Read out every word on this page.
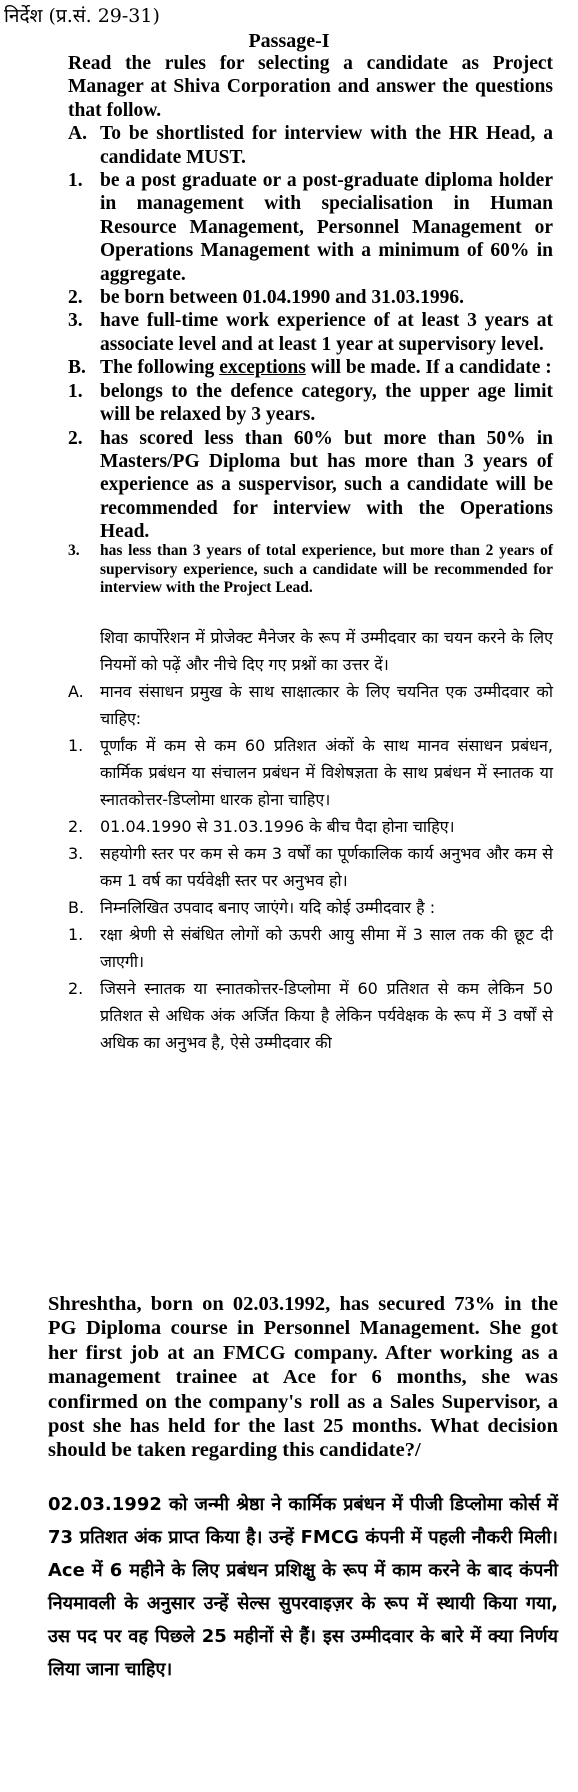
निर्देश (प्र.सं. 29-31)
Passage-I
Read the rules for selecting a candidate as Project Manager at Shiva Corporation and answer the questions that follow.
A. To be shortlisted for interview with the HR Head, a candidate MUST.
1. be a post graduate or a post-graduate diploma holder in management with specialisation in Human Resource Management, Personnel Management or Operations Management with a minimum of 60% in aggregate.
2. be born between 01.04.1990 and 31.03.1996.
3. have full-time work experience of at least 3 years at associate level and at least 1 year at supervisory level.
B. The following exceptions will be made. If a candidate :
1. belongs to the defence category, the upper age limit will be relaxed by 3 years.
2. has scored less than 60% but more than 50% in Masters/PG Diploma but has more than 3 years of experience as a suspervisor, such a candidate will be recommended for interview with the Operations Head.
3. has less than 3 years of total experience, but more than 2 years of supervisory experience, such a candidate will be recommended for interview with the Project Lead.
शिवा कार्पोरेशन में प्रोजेक्ट मैनेजर के रूप में उम्मीदवार का चयन करने के लिए नियमों को पढ़ें और नीचे दिए गए प्रश्नों का उत्तर दें।
A. मानव संसाधन प्रमुख के साथ साक्षात्कार के लिए चयनित एक उम्मीदवार को चाहिए:
1. पूर्णांक में कम से कम 60 प्रतिशत अंकों के साथ मानव संसाधन प्रबंधन, कार्मिक प्रबंधन या संचालन प्रबंधन में विशेषज्ञता के साथ प्रबंधन में स्नातक या स्नातकोत्तर-डिप्लोमा धारक होना चाहिए।
2. 01.04.1990 से 31.03.1996 के बीच पैदा होना चाहिए।
3. सहयोगी स्तर पर कम से कम 3 वर्षों का पूर्णकालिक कार्य अनुभव और कम से कम 1 वर्ष का पर्यवेक्षी स्तर पर अनुभव हो।
B. निम्नलिखित उपवाद बनाए जाएंगे। यदि कोई उम्मीदवार है :
1. रक्षा श्रेणी से संबंधित लोगों को ऊपरी आयु सीमा में 3 साल तक की छूट दी जाएगी।
2. जिसने स्नातक या स्नातकोत्तर-डिप्लोमा में 60 प्रतिशत से कम लेकिन 50 प्रतिशत से अधिक अंक अर्जित किया है लेकिन पर्यवेक्षक के रूप में 3 वर्षों से अधिक का अनुभव है, ऐसे उम्मीदवार की
Shreshtha, born on 02.03.1992, has secured 73% in the PG Diploma course in Personnel Management. She got her first job at an FMCG company. After working as a management trainee at Ace for 6 months, she was confirmed on the company's roll as a Sales Supervisor, a post she has held for the last 25 months. What decision should be taken regarding this candidate?/
02.03.1992 को जन्मी श्रेष्ठा ने कार्मिक प्रबंधन में पीजी डिप्लोमा कोर्स में 73 प्रतिशत अंक प्राप्त किया है। उन्हें FMCG कंपनी में पहली नौकरी मिली। Ace में 6 महीने के लिए प्रबंधन प्रशिक्षु के रूप में काम करने के बाद कंपनी नियमावली के अनुसार उन्हें सेल्स सुपरवाइज़र के रूप में स्थायी किया गया, उस पद पर वह पिछले 25 महीनों से हैं। इस उम्मीदवार के बारे में क्या निर्णय लिया जाना चाहिए।
